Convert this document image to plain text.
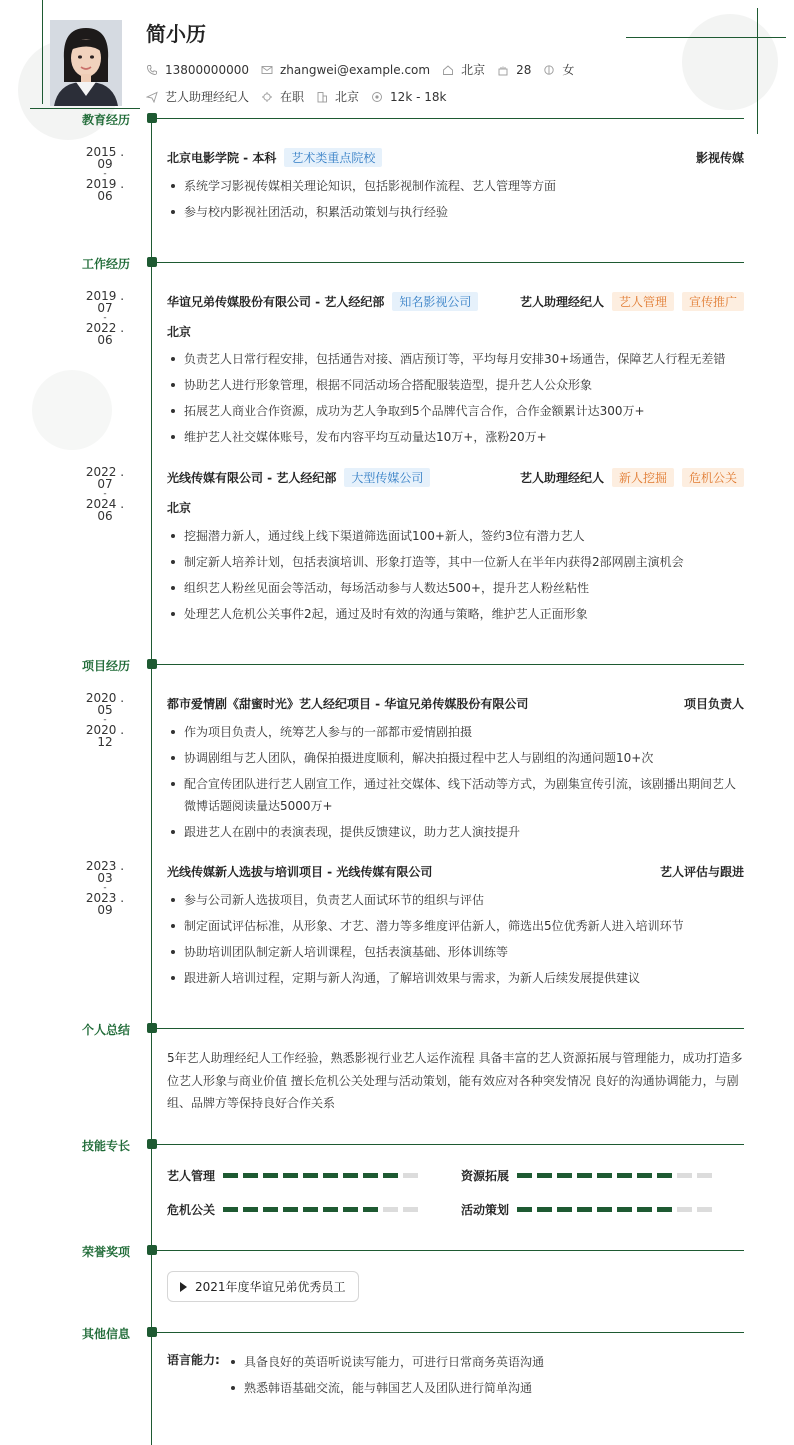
简小历
13800000000	zhangwei@example.com	北京	28	女
艺人助理经纪人	在职	北京	12k - 18k
教育经历
2015 . 09
-
2019 . 06
北京电影学院 - 本科	艺术类重点院校	影视传媒
系统学习影视传媒相关理论知识，包括影视制作流程、艺人管理等方面
参与校内影视社团活动，积累活动策划与执行经验
工作经历
2019 . 07
-
2022 . 06
华谊兄弟传媒股份有限公司 - 艺人经纪部	知名影视公司	艺人助理经纪人	艺人管理	宣传推广
北京
负责艺人日常行程安排，包括通告对接、酒店预订等，平均每月安排30+场通告，保障艺人行程无差错
协助艺人进行形象管理，根据不同活动场合搭配服装造型，提升艺人公众形象
拓展艺人商业合作资源，成功为艺人争取到5个品牌代言合作，合作金额累计达300万+
维护艺人社交媒体账号，发布内容平均互动量达10万+，涨粉20万+
2022 . 07
-
2024 . 06
光线传媒有限公司 - 艺人经纪部	大型传媒公司	艺人助理经纪人	新人挖掘	危机公关
北京
挖掘潜力新人，通过线上线下渠道筛选面试100+新人，签约3位有潜力艺人
制定新人培养计划，包括表演培训、形象打造等，其中一位新人在半年内获得2部网剧主演机会
组织艺人粉丝见面会等活动，每场活动参与人数达500+，提升艺人粉丝粘性
处理艺人危机公关事件2起，通过及时有效的沟通与策略，维护艺人正面形象
项目经历
2020 . 05
-
2020 . 12
都市爱情剧《甜蜜时光》艺人经纪项目 - 华谊兄弟传媒股份有限公司	项目负责人
作为项目负责人，统筹艺人参与的一部都市爱情剧拍摄
协调剧组与艺人团队，确保拍摄进度顺利，解决拍摄过程中艺人与剧组的沟通问题10+次
配合宣传团队进行艺人剧宣工作，通过社交媒体、线下活动等方式，为剧集宣传引流，该剧播出期间艺人微博话题阅读量达5000万+
跟进艺人在剧中的表演表现，提供反馈建议，助力艺人演技提升
2023 . 03
-
2023 . 09
光线传媒新人选拔与培训项目 - 光线传媒有限公司	艺人评估与跟进
参与公司新人选拔项目，负责艺人面试环节的组织与评估
制定面试评估标准，从形象、才艺、潜力等多维度评估新人，筛选出5位优秀新人进入培训环节
协助培训团队制定新人培训课程，包括表演基础、形体训练等
跟进新人培训过程，定期与新人沟通，了解培训效果与需求，为新人后续发展提供建议
个人总结
5年艺人助理经纪人工作经验，熟悉影视行业艺人运作流程 具备丰富的艺人资源拓展与管理能力，成功打造多位艺人形象与商业价值 擅长危机公关处理与活动策划，能有效应对各种突发情况 良好的沟通协调能力，与剧组、品牌方等保持良好合作关系
技能专长
艺人管理	资源拓展
危机公关	活动策划
荣誉奖项
2021年度华谊兄弟优秀员工
其他信息
语言能力:	具备良好的英语听说读写能力，可进行日常商务英语沟通
熟悉韩语基础交流，能与韩国艺人及团队进行简单沟通
